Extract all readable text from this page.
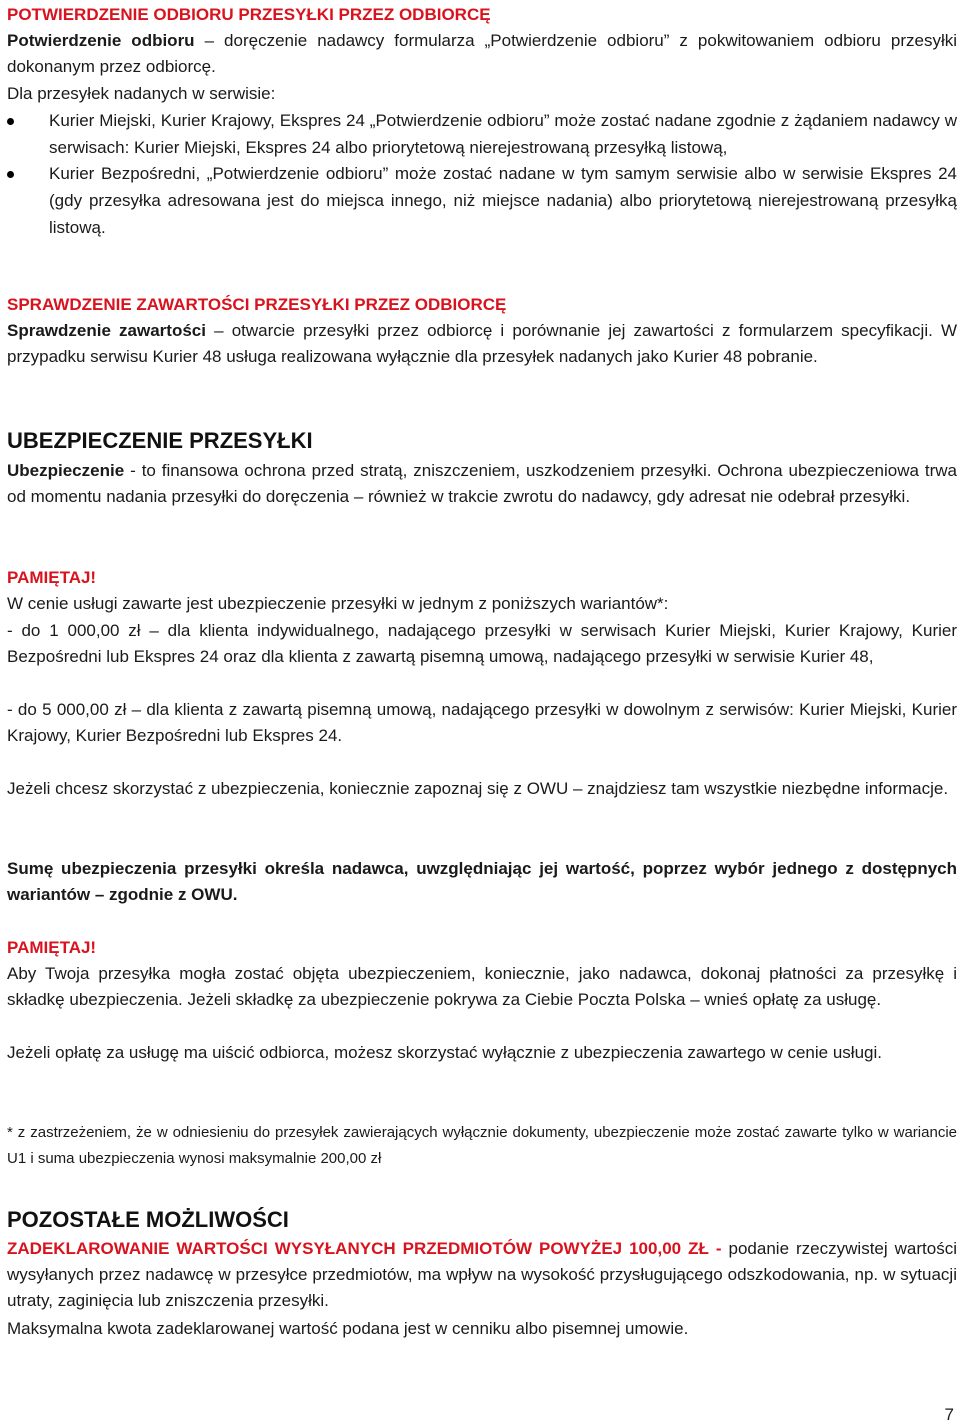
POTWIERDZENIE ODBIORU PRZESYŁKI PRZEZ ODBIORCĘ

Potwierdzenie odbioru – doręczenie nadawcy formularza „Potwierdzenie odbioru” z pokwitowaniem odbioru przesyłki dokonanym przez odbiorcę.

Dla przesyłek nadanych w serwisie:

Kurier Miejski, Kurier Krajowy, Ekspres 24 „Potwierdzenie odbioru” może zostać nadane zgodnie z żądaniem nadawcy w serwisach: Kurier Miejski, Ekspres 24 albo priorytetową nierejestrowaną przesyłką listową,
Kurier Bezpośredni, „Potwierdzenie odbioru” może zostać nadane w tym samym serwisie albo w serwisie Ekspres 24 (gdy przesyłka adresowana jest do miejsca innego, niż miejsce nadania) albo priorytetową nierejestrowaną przesyłką listową.

SPRAWDZENIE ZAWARTOŚCI PRZESYŁKI PRZEZ ODBIORCĘ

Sprawdzenie zawartości – otwarcie przesyłki przez odbiorcę i porównanie jej zawartości z formularzem specyfikacji. W przypadku serwisu Kurier 48 usługa realizowana wyłącznie dla przesyłek nadanych jako Kurier 48 pobranie.

UBEZPIECZENIE PRZESYŁKI

Ubezpieczenie - to finansowa ochrona przed stratą, zniszczeniem, uszkodzeniem przesyłki. Ochrona ubezpieczeniowa trwa od momentu nadania przesyłki do doręczenia – również w trakcie zwrotu do nadawcy, gdy adresat nie odebrał przesyłki.

PAMIĘTAJ!

W cenie usługi zawarte jest ubezpieczenie przesyłki w jednym z poniższych wariantów*:

- do 1 000,00 zł – dla klienta indywidualnego, nadającego przesyłki w serwisach Kurier Miejski, Kurier Krajowy, Kurier Bezpośredni lub Ekspres 24 oraz dla klienta z zawartą pisemną umową, nadającego przesyłki w serwisie Kurier 48,

- do 5 000,00 zł – dla klienta z zawartą pisemną umową, nadającego przesyłki w dowolnym z serwisów: Kurier Miejski, Kurier Krajowy, Kurier Bezpośredni lub Ekspres 24.

Jeżeli chcesz skorzystać z ubezpieczenia, koniecznie zapoznaj się z OWU – znajdziesz tam wszystkie niezbędne informacje.

Sumę ubezpieczenia przesyłki określa nadawca, uwzględniając jej wartość, poprzez wybór jednego z dostępnych wariantów – zgodnie z OWU.

PAMIĘTAJ!

Aby Twoja przesyłka mogła zostać objęta ubezpieczeniem, koniecznie, jako nadawca, dokonaj płatności za przesyłkę i składkę ubezpieczenia. Jeżeli składkę za ubezpieczenie pokrywa za Ciebie Poczta Polska – wnieś opłatę za usługę.

Jeżeli opłatę za usługę ma uiścić odbiorca, możesz skorzystać wyłącznie z ubezpieczenia zawartego w cenie usługi.

* z zastrzeżeniem, że w odniesieniu do przesyłek zawierających wyłącznie dokumenty, ubezpieczenie może zostać zawarte tylko w wariancie U1 i suma ubezpieczenia wynosi maksymalnie 200,00 zł

POZOSTAŁE MOŻLIWOŚCI

ZADEKLAROWANIE WARTOŚCI WYSYŁANYCH PRZEDMIOTÓW POWYŻEJ 100,00 ZŁ - podanie rzeczywistej wartości wysyłanych przez nadawcę w przesyłce przedmiotów, ma wpływ na wysokość przysługującego odszkodowania, np. w sytuacji utraty, zaginięcia lub zniszczenia przesyłki.

Maksymalna kwota zadeklarowanej wartość podana jest w cenniku albo pisemnej umowie.

7
